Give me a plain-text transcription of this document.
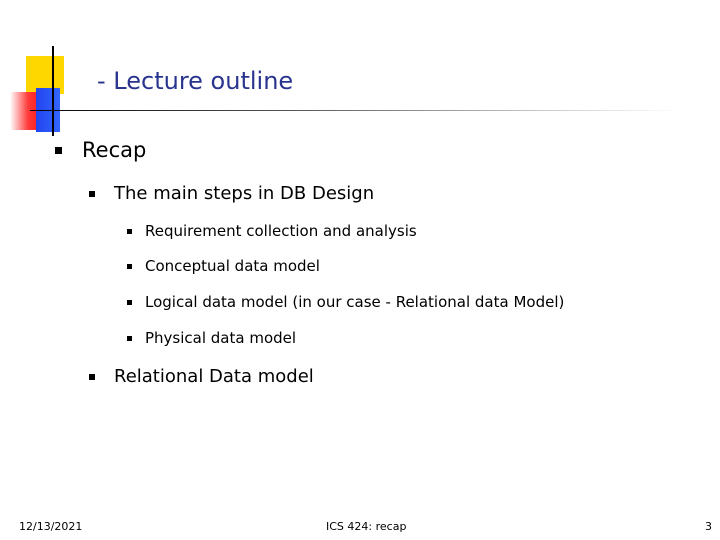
- Lecture outline
Recap
The main steps in DB Design
Requirement collection and analysis
Conceptual data model
Logical data model (in our case - Relational data Model)
Physical data model
Relational Data model
12/13/2021	ICS 424: recap	3
